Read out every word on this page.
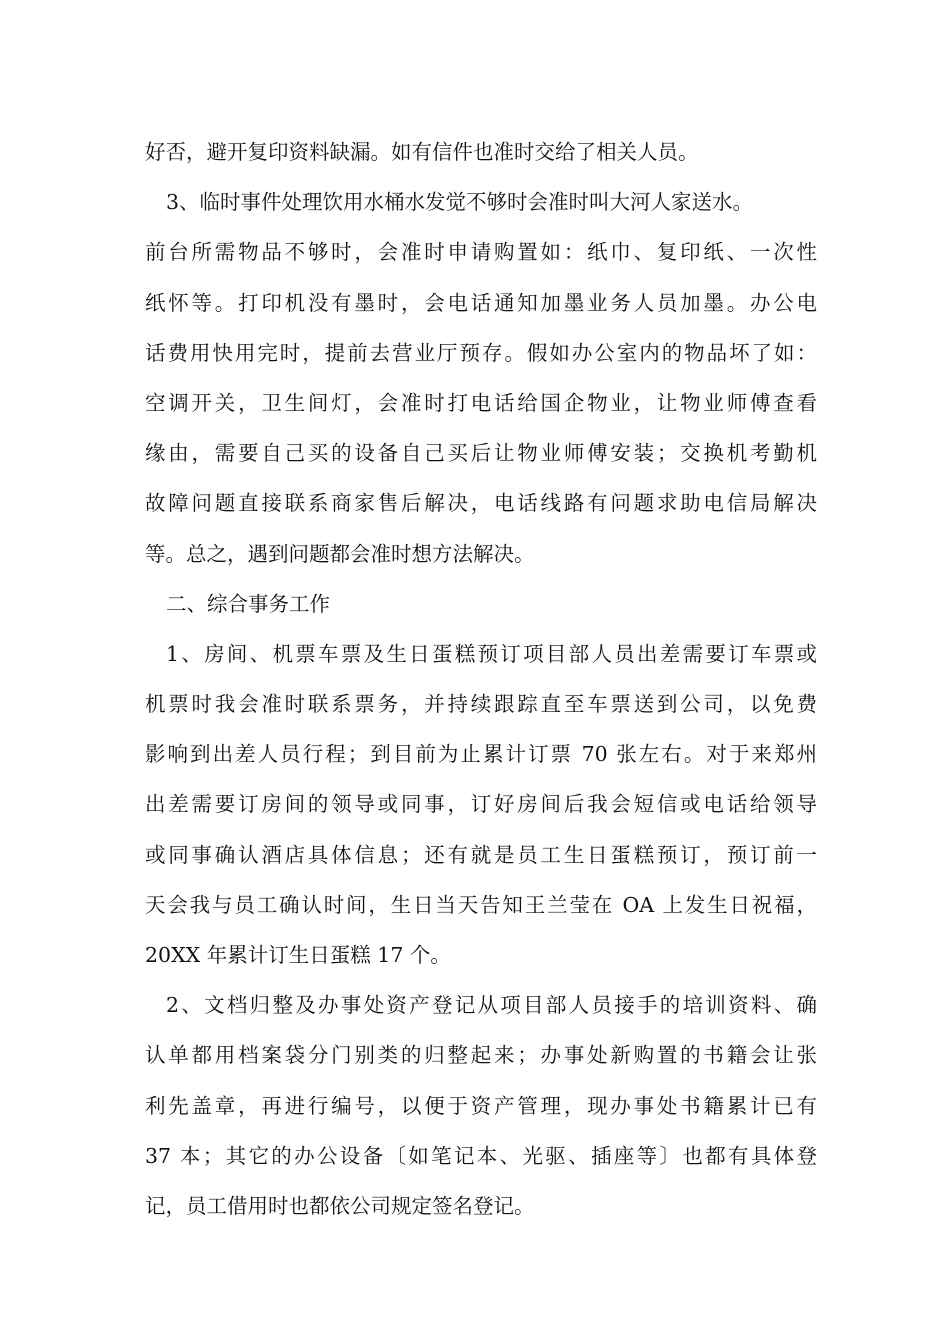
好否，避开复印资料缺漏。如有信件也准时交给了相关人员。
3、临时事件处理饮用水桶水发觉不够时会准时叫大河人家送水。
前台所需物品不够时，会准时申请购置如：纸巾、复印纸、一次性
纸怀等。打印机没有墨时，会电话通知加墨业务人员加墨。办公电
话费用快用完时，提前去营业厅预存。假如办公室内的物品坏了如：
空调开关，卫生间灯，会准时打电话给国企物业，让物业师傅查看
缘由，需要自己买的设备自己买后让物业师傅安装；交换机考勤机
故障问题直接联系商家售后解决，电话线路有问题求助电信局解决
等。总之，遇到问题都会准时想方法解决。
二、综合事务工作
1、房间、机票车票及生日蛋糕预订项目部人员出差需要订车票或
机票时我会准时联系票务，并持续跟踪直至车票送到公司，以免费
影响到出差人员行程；到目前为止累计订票 70 张左右。对于来郑州
出差需要订房间的领导或同事，订好房间后我会短信或电话给领导
或同事确认酒店具体信息；还有就是员工生日蛋糕预订，预订前一
天会我与员工确认时间，生日当天告知王兰莹在 OA 上发生日祝福，
20XX 年累计订生日蛋糕 17 个。
2、文档归整及办事处资产登记从项目部人员接手的培训资料、确
认单都用档案袋分门别类的归整起来；办事处新购置的书籍会让张
利先盖章，再进行编号，以便于资产管理，现办事处书籍累计已有
37 本；其它的办公设备〔如笔记本、光驱、插座等〕也都有具体登
记，员工借用时也都依公司规定签名登记。
